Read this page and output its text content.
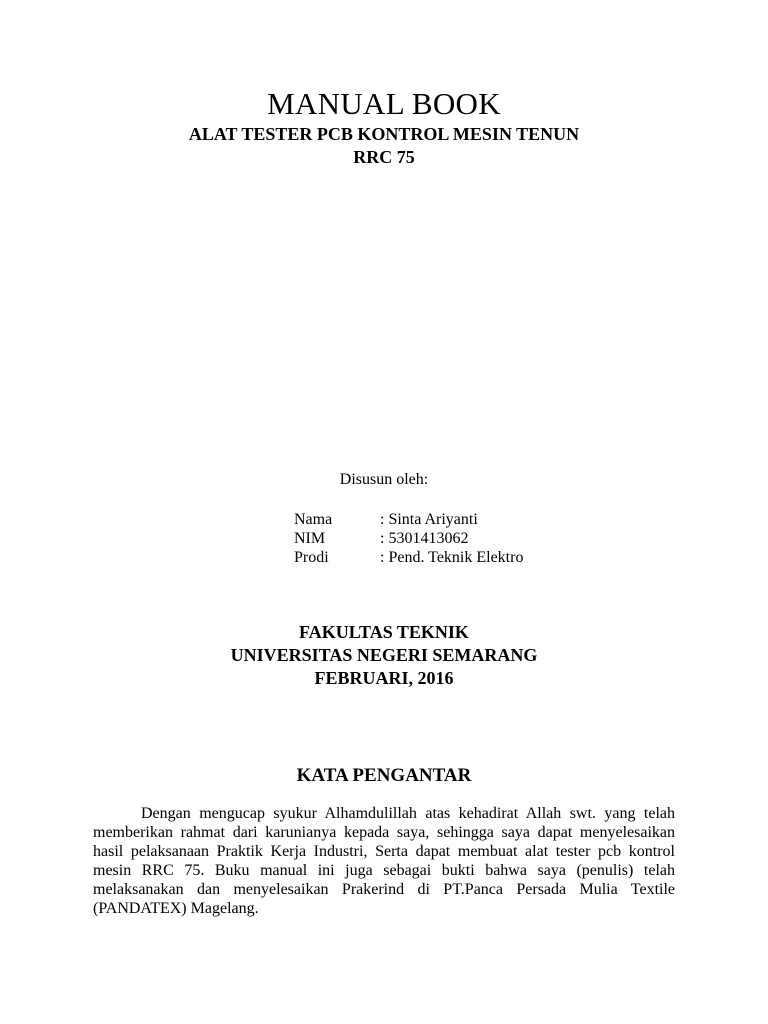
MANUAL BOOK
ALAT TESTER PCB KONTROL MESIN TENUN
RRC 75
Disusun oleh:
Nama	: Sinta Ariyanti
NIM	: 5301413062
Prodi	: Pend. Teknik Elektro
FAKULTAS TEKNIK
UNIVERSITAS NEGERI SEMARANG
FEBRUARI, 2016
KATA PENGANTAR

Dengan mengucap syukur Alhamdulillah atas kehadirat Allah swt. yang telah memberikan rahmat dari karunianya kepada saya, sehingga saya dapat menyelesaikan hasil pelaksanaan Praktik Kerja Industri, Serta dapat membuat alat tester pcb kontrol mesin RRC 75. Buku manual ini juga sebagai bukti bahwa saya (penulis) telah melaksanakan dan menyelesaikan Prakerind di PT.Panca Persada Mulia Textile (PANDATEX) Magelang.
